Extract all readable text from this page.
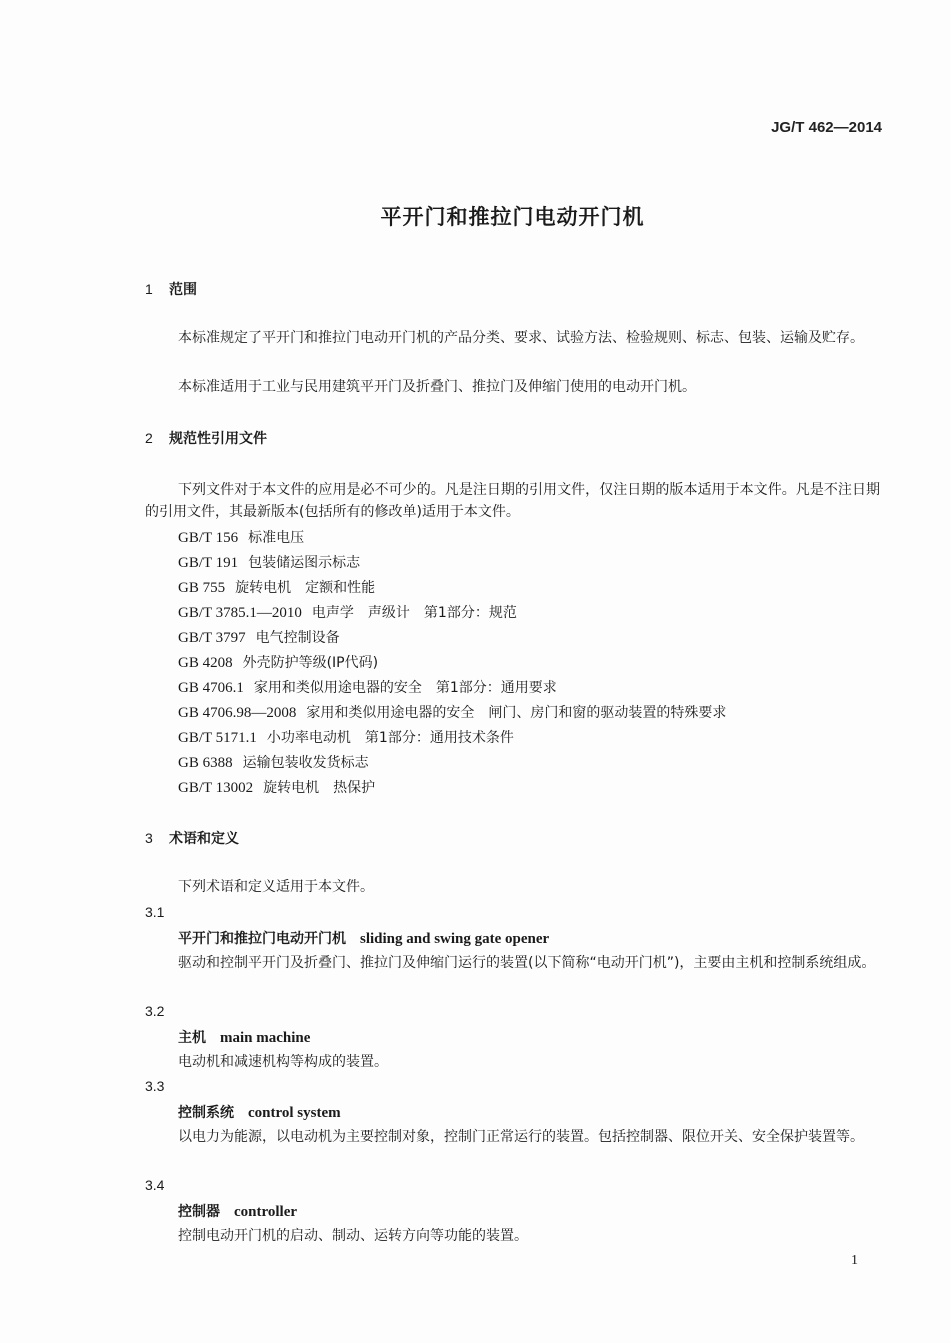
JG/T 462—2014
平开门和推拉门电动开门机
1 范围
本标准规定了平开门和推拉门电动开门机的产品分类、要求、试验方法、检验规则、标志、包装、运输及贮存。
本标准适用于工业与民用建筑平开门及折叠门、推拉门及伸缩门使用的电动开门机。
2 规范性引用文件
下列文件对于本文件的应用是必不可少的。凡是注日期的引用文件，仅注日期的版本适用于本文件。凡是不注日期的引用文件，其最新版本(包括所有的修改单)适用于本文件。
GB/T 156 标准电压
GB/T 191 包装储运图示标志
GB 755 旋转电机　定额和性能
GB/T 3785.1—2010 电声学　声级计　第1部分：规范
GB/T 3797 电气控制设备
GB 4208 外壳防护等级(IP代码)
GB 4706.1 家用和类似用途电器的安全　第1部分：通用要求
GB 4706.98—2008 家用和类似用途电器的安全　闸门、房门和窗的驱动装置的特殊要求
GB/T 5171.1 小功率电动机　第1部分：通用技术条件
GB 6388 运输包装收发货标志
GB/T 13002 旋转电机　热保护
3 术语和定义
下列术语和定义适用于本文件。
3.1
平开门和推拉门电动开门机 sliding and swing gate opener
驱动和控制平开门及折叠门、推拉门及伸缩门运行的装置(以下简称“电动开门机”)，主要由主机和控制系统组成。
3.2
主机 main machine
电动机和减速机构等构成的装置。
3.3
控制系统 control system
以电力为能源，以电动机为主要控制对象，控制门正常运行的装置。包括控制器、限位开关、安全保护装置等。
3.4
控制器 controller
控制电动开门机的启动、制动、运转方向等功能的装置。
1
